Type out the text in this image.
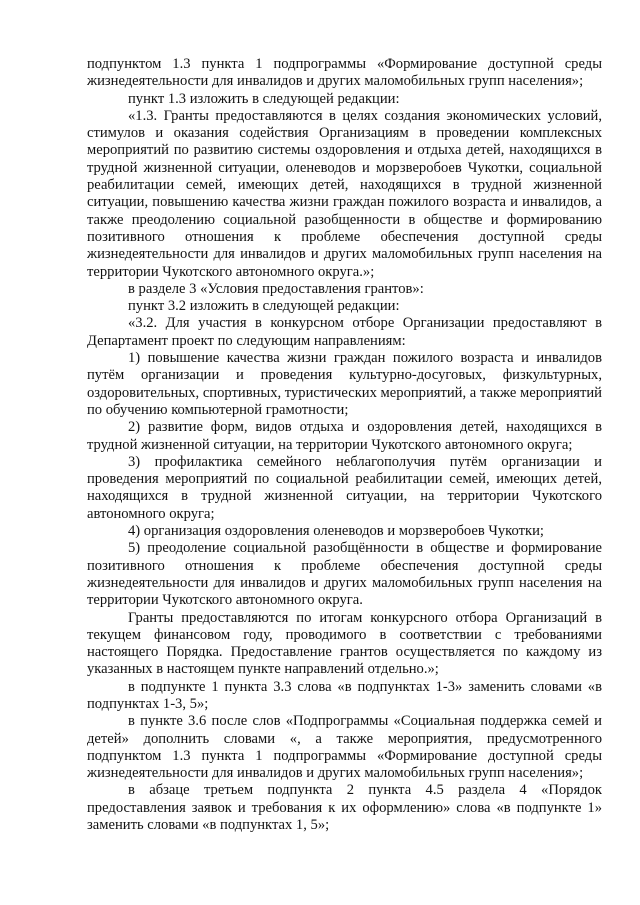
подпунктом 1.3 пункта 1 подпрограммы «Формирование доступной среды жизнедеятельности для инвалидов и других маломобильных групп населения»;

пункт 1.3 изложить в следующей редакции:

«1.3. Гранты предоставляются в целях создания экономических условий, стимулов и оказания содействия Организациям в проведении комплексных мероприятий по развитию системы оздоровления и отдыха детей, находящихся в трудной жизненной ситуации, оленеводов и морзверобоев Чукотки, социальной реабилитации семей, имеющих детей, находящихся в трудной жизненной ситуации, повышению качества жизни граждан пожилого возраста и инвалидов, а также преодолению социальной разобщенности в обществе и формированию позитивного отношения к проблеме обеспечения доступной среды жизнедеятельности для инвалидов и других маломобильных групп населения на территории Чукотского автономного округа.»;

в разделе 3 «Условия предоставления грантов»:

пункт 3.2 изложить в следующей редакции:

«3.2. Для участия в конкурсном отборе Организации предоставляют в Департамент проект по следующим направлениям:

1) повышение качества жизни граждан пожилого возраста и инвалидов путём организации и проведения культурно-досуговых, физкультурных, оздоровительных, спортивных, туристических мероприятий, а также мероприятий по обучению компьютерной грамотности;

2) развитие форм, видов отдыха и оздоровления детей, находящихся в трудной жизненной ситуации, на территории Чукотского автономного округа;

3) профилактика семейного неблагополучия путём организации и проведения мероприятий по социальной реабилитации семей, имеющих детей, находящихся в трудной жизненной ситуации, на территории Чукотского автономного округа;

4) организация оздоровления оленеводов и морзверобоев Чукотки;

5) преодоление социальной разобщённости в обществе и формирование позитивного отношения к проблеме обеспечения доступной среды жизнедеятельности для инвалидов и других маломобильных групп населения на территории Чукотского автономного округа.

Гранты предоставляются по итогам конкурсного отбора Организаций в текущем финансовом году, проводимого в соответствии с требованиями настоящего Порядка. Предоставление грантов осуществляется по каждому из указанных в настоящем пункте направлений отдельно.»;

в подпункте 1 пункта 3.3 слова «в подпунктах 1-3» заменить словами «в подпунктах 1-3, 5»;

в пункте 3.6 после слов «Подпрограммы «Социальная поддержка семей и детей» дополнить словами «, а также мероприятия, предусмотренного подпунктом 1.3 пункта 1 подпрограммы «Формирование доступной среды жизнедеятельности для инвалидов и других маломобильных групп населения»;

в абзаце третьем подпункта 2 пункта 4.5 раздела 4 «Порядок предоставления заявок и требования к их оформлению» слова «в подпункте 1» заменить словами «в подпунктах 1, 5»;
